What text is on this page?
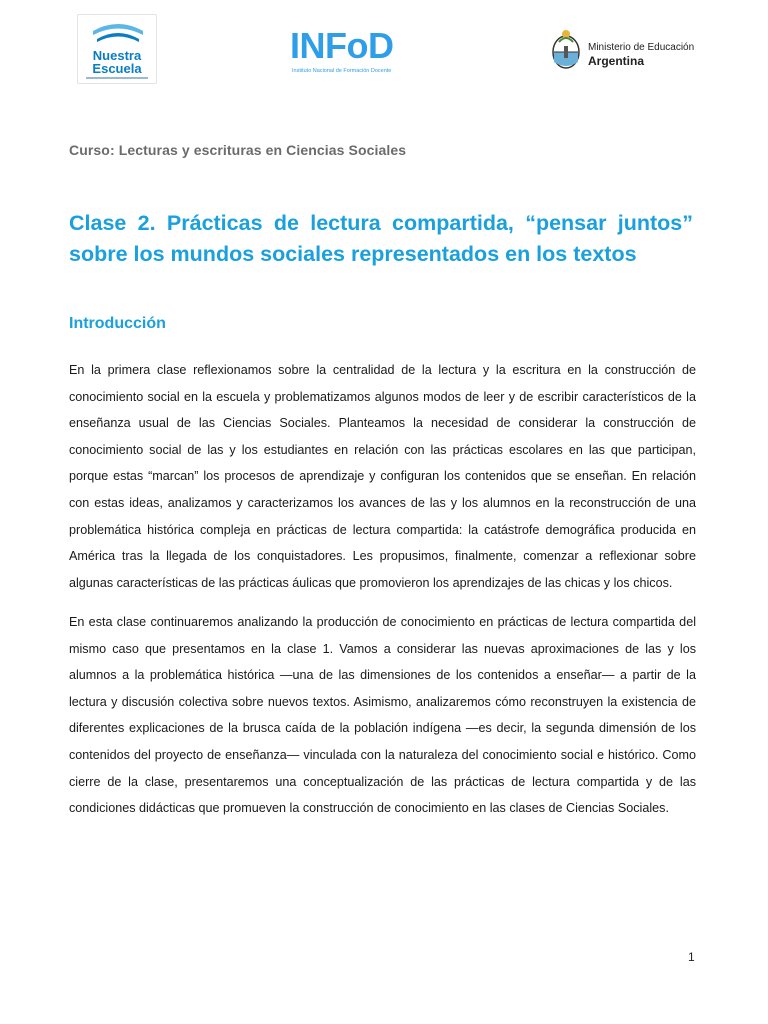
Nuestra
Escuela
INFoD
Instituto Nacional de Formación Docente
Ministerio de Educación
Argentina
Curso: Lecturas y escrituras en Ciencias Sociales
Clase 2. Prácticas de lectura compartida, “pensar juntos” sobre los mundos sociales representados en los textos
Introducción

En la primera clase reflexionamos sobre la centralidad de la lectura y la escritura en la construcción de conocimiento social en la escuela y problematizamos algunos modos de leer y de escribir característicos de la enseñanza usual de las Ciencias Sociales. Planteamos la necesidad de considerar la construcción de conocimiento social de las y los estudiantes en relación con las prácticas escolares en las que participan, porque estas “marcan” los procesos de aprendizaje y configuran los contenidos que se enseñan. En relación con estas ideas, analizamos y caracterizamos los avances de las y los alumnos en la reconstrucción de una problemática histórica compleja en prácticas de lectura compartida: la catástrofe demográfica producida en América tras la llegada de los conquistadores. Les propusimos, finalmente, comenzar a reflexionar sobre algunas características de las prácticas áulicas que promovieron los aprendizajes de las chicas y los chicos.

En esta clase continuaremos analizando la producción de conocimiento en prácticas de lectura compartida del mismo caso que presentamos en la clase 1. Vamos a considerar las nuevas aproximaciones de las y los alumnos a la problemática histórica —una de las dimensiones de los contenidos a enseñar— a partir de la lectura y discusión colectiva sobre nuevos textos. Asimismo, analizaremos cómo reconstruyen la existencia de diferentes explicaciones de la brusca caída de la población indígena —es decir, la segunda dimensión de los contenidos del proyecto de enseñanza— vinculada con la naturaleza del conocimiento social e histórico. Como cierre de la clase, presentaremos una conceptualización de las prácticas de lectura compartida y de las condiciones didácticas que promueven la construcción de conocimiento en las clases de Ciencias Sociales.

1
